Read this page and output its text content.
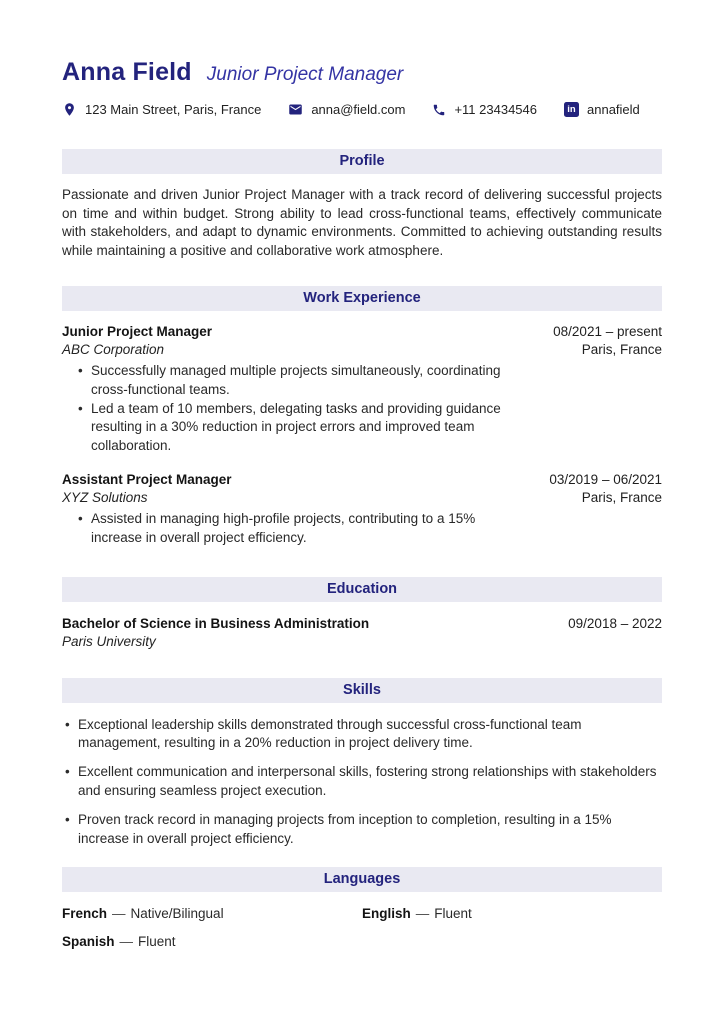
Anna Field Junior Project Manager
123 Main Street, Paris, France	anna@field.com	+11 23434546	in annafield
Profile

Passionate and driven Junior Project Manager with a track record of delivering successful projects on time and within budget. Strong ability to lead cross-functional teams, effectively communicate with stakeholders, and adapt to dynamic environments. Committed to achieving outstanding results while maintaining a positive and collaborative work atmosphere.

Work Experience
Junior Project Manager
ABC Corporation
08/2021 – present
Paris, France
• Successfully managed multiple projects simultaneously, coordinating cross-functional teams.
• Led a team of 10 members, delegating tasks and providing guidance resulting in a 30% reduction in project errors and improved team collaboration.
Assistant Project Manager
XYZ Solutions
03/2019 – 06/2021
Paris, France
• Assisted in managing high-profile projects, contributing to a 15% increase in overall project efficiency.
Education
Bachelor of Science in Business Administration
Paris University
09/2018 – 2022
Skills
• Exceptional leadership skills demonstrated through successful cross-functional team management, resulting in a 20% reduction in project delivery time.
• Excellent communication and interpersonal skills, fostering strong relationships with stakeholders and ensuring seamless project execution.
• Proven track record in managing projects from inception to completion, resulting in a 15% increase in overall project efficiency.
Languages
French — Native/Bilingual	English — Fluent
Spanish — Fluent
